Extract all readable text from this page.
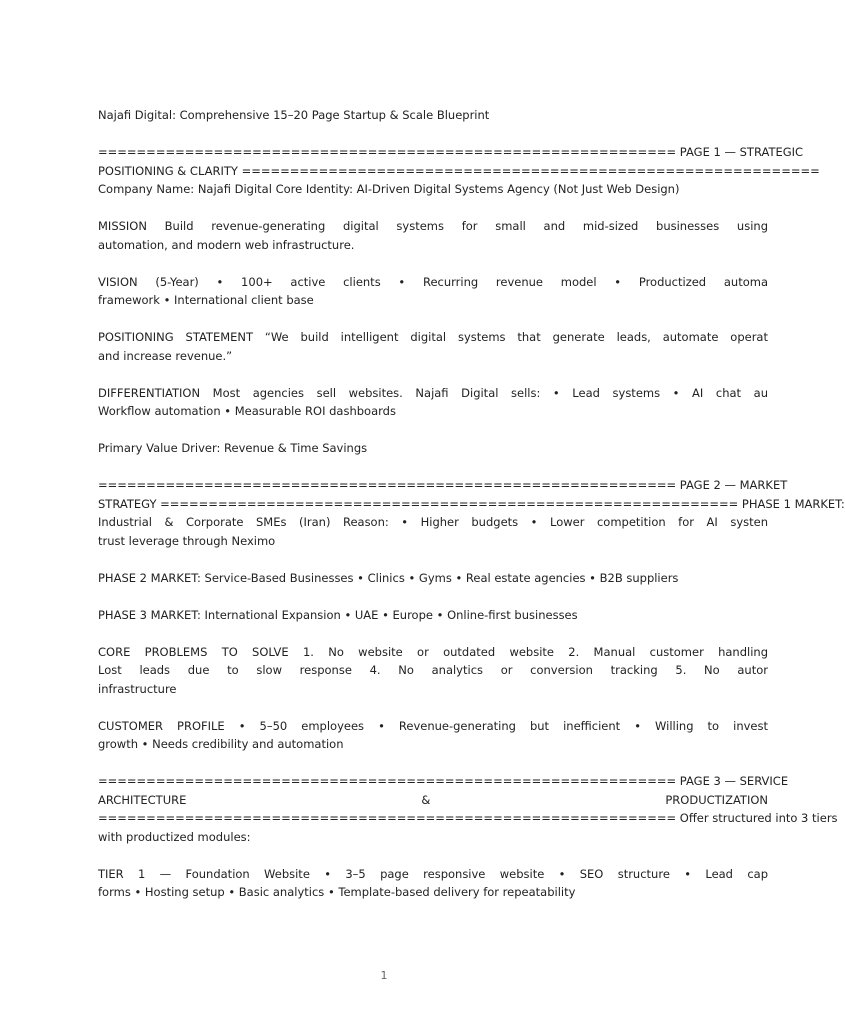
Najafi Digital: Comprehensive 15–20 Page Startup & Scale Blueprint
============================================================ PAGE 1 — STRATEGIC
POSITIONING & CLARITY ============================================================
Company Name: Najafi Digital Core Identity: AI-Driven Digital Systems Agency (Not Just Web Design)
MISSION Build revenue-generating digital systems for small and mid-sized businesses using
automation, and modern web infrastructure.
VISION (5-Year) • 100+ active clients • Recurring revenue model • Productized automa
framework • International client base
POSITIONING STATEMENT “We build intelligent digital systems that generate leads, automate operat
and increase revenue.”
DIFFERENTIATION Most agencies sell websites. Najafi Digital sells: • Lead systems • AI chat au
Workflow automation • Measurable ROI dashboards
Primary Value Driver: Revenue & Time Savings
============================================================ PAGE 2 — MARKET
STRATEGY ============================================================ PHASE 1 MARKET:
Industrial & Corporate SMEs (Iran) Reason: • Higher budgets • Lower competition for AI systen
trust leverage through Neximo
PHASE 2 MARKET: Service-Based Businesses • Clinics • Gyms • Real estate agencies • B2B suppliers
PHASE 3 MARKET: International Expansion • UAE • Europe • Online-first businesses
CORE PROBLEMS TO SOLVE 1. No website or outdated website 2. Manual customer handling
Lost leads due to slow response 4. No analytics or conversion tracking 5. No autor
infrastructure
CUSTOMER PROFILE • 5–50 employees • Revenue-generating but inefficient • Willing to invest
growth • Needs credibility and automation
============================================================ PAGE 3 — SERVICE
ARCHITECTURE & PRODUCTIZATION
============================================================ Offer structured into 3 tiers
with productized modules:
TIER 1 — Foundation Website • 3–5 page responsive website • SEO structure • Lead cap
forms • Hosting setup • Basic analytics • Template-based delivery for repeatability
1
